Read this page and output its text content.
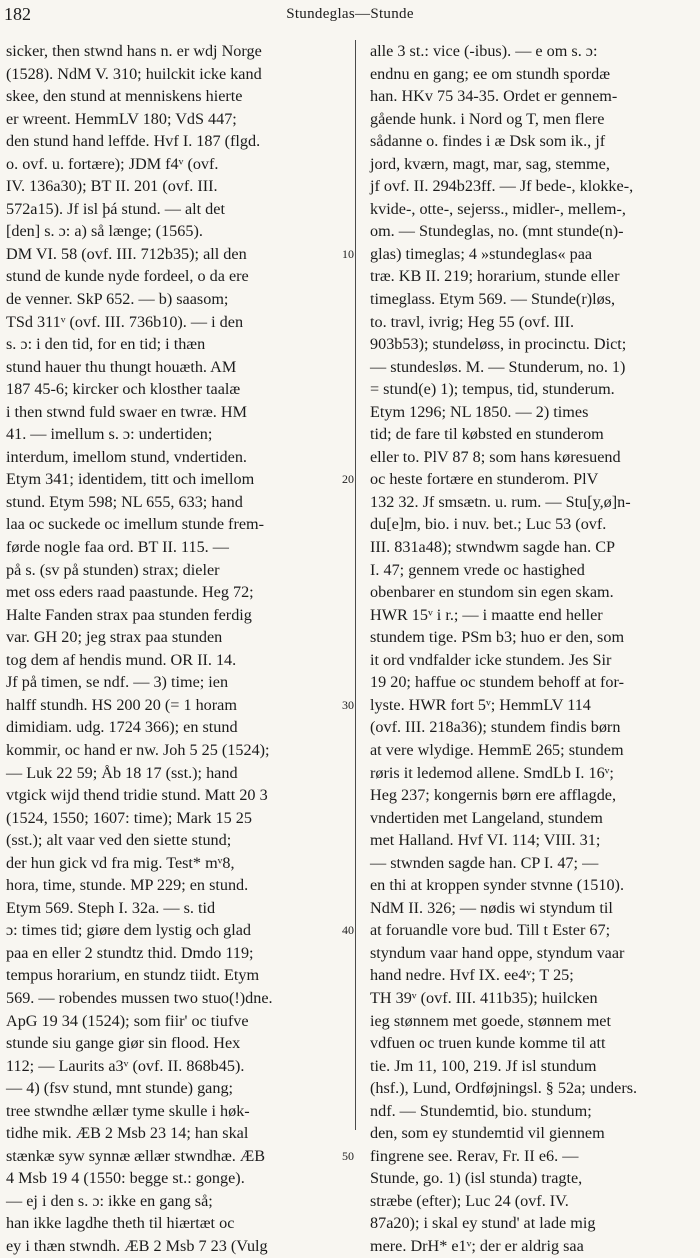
182	Stundeglas—Stunde
sicker, then stwnd hans n. er wdj Norge
(1528). NdM V. 310; huilckit icke kand
skee, den stund at menniskens hierte
er wreent. HemmLV 180; VdS 447;
den stund hand leffde. Hvf I. 187 (flgd.
o. ovf. u. fortære); JDM f4ᵛ (ovf.
IV. 136a30); BT II. 201 (ovf. III.
572a15). Jf isl þá stund. — alt det
[den] s. ɔ: a) så længe; (1565).
DM VI. 58 (ovf. III. 712b35); all den
stund de kunde nyde fordeel, o da ere
de venner. SkP 652. — b) saasom;
TSd 311ᵛ (ovf. III. 736b10). — i den
s. ɔ: i den tid, for en tid; i thæn
stund hauer thu thungt houæth. AM
187 45-6; kircker och klosther taalæ
i then stwnd fuld swaer en twræ. HM
41. — imellum s. ɔ: undertiden;
interdum, imellom stund, vndertiden.
Etym 341; identidem, titt och imellom
stund. Etym 598; NL 655, 633; hand
laa oc suckede oc imellum stunde frem-
førde nogle faa ord. BT II. 115. —
på s. (sv på stunden) strax; dieler
met oss eders raad paastunde. Heg 72;
Halte Fanden strax paa stunden ferdig
var. GH 20; jeg strax paa stunden
tog dem af hendis mund. OR II. 14.
Jf på timen, se ndf. — 3) time; ien
halff stundh. HS 200 20 (= 1 horam
dimidiam. udg. 1724 366); en stund
kommir, oc hand er nw. Joh 5 25 (1524);
— Luk 22 59; Åb 18 17 (sst.); hand
vtgick wijd thend tridie stund. Matt 20 3
(1524, 1550; 1607: time); Mark 15 25
(sst.); alt vaar ved den siette stund;
der hun gick vd fra mig. Test* mᵛ8,
hora, time, stunde. MP 229; en stund.
Etym 569. Steph I. 32a. — s. tid
ɔ: times tid; giøre dem lystig och glad
paa en eller 2 stundtz thid. Dmdo 119;
tempus horarium, en stundz tiidt. Etym
569. — robendes mussen two stuo(!)dne.
ApG 19 34 (1524); som fiir' oc tiufve
stunde siu gange giør sin flood. Hex
112; — Laurits a3ᵛ (ovf. II. 868b45).
— 4) (fsv stund, mnt stunde) gang;
tree stwndhe ællær tyme skulle i høk-
tidhe mik. ÆB 2 Msb 23 14; han skal
stænkæ syw synnæ ællær stwndhæ. ÆB
4 Msb 19 4 (1550: begge st.: gonge).
— ej i den s. ɔ: ikke en gang så;
han ikke lagdhe theth til hiærtæt oc
ey i thæn stwndh. ÆB 2 Msb 7 23 (Vulg
10
20
30
40
50
alle 3 st.: vice (-ibus). — e om s. ɔ:
endnu en gang; ee om stundh spordæ
han. HKv 75 34-35. Ordet er gennem-
gående hunk. i Nord og T, men flere
sådanne o. findes i æ Dsk som ik., jf
jord, kværn, magt, mar, sag, stemme,
jf ovf. II. 294b23ff. — Jf bede-, klokke-,
kvide-, otte-, sejerss., midler-, mellem-,
om. — Stundeglas, no. (mnt stunde(n)-
glas) timeglas; 4 »stundeglas« paa
træ. KB II. 219; horarium, stunde eller
timeglass. Etym 569. — Stunde(r)løs,
to. travl, ivrig; Heg 55 (ovf. III.
903b53); stundeløss, in procinctu. Dict;
— stundesløs. M. — Stunderum, no. 1)
= stund(e) 1); tempus, tid, stunderum.
Etym 1296; NL 1850. — 2) times
tid; de fare til købsted en stunderom
eller to. PlV 87 8; som hans køresuend
oc heste fortære en stunderom. PlV
132 32. Jf smsætn. u. rum. — Stu[y,ø]n-
du[e]m, bio. i nuv. bet.; Luc 53 (ovf.
III. 831a48); stwndwm sagde han. CP
I. 47; gennem vrede oc hastighed
obenbarer en stundom sin egen skam.
HWR 15ᵛ i r.; — i maatte end heller
stundem tige. PSm b3; huo er den, som
it ord vndfalder icke stundem. Jes Sir
19 20; haffue oc stundem behoff at for-
lyste. HWR fort 5ᵛ; HemmLV 114
(ovf. III. 218a36); stundem findis børn
at vere wlydige. HemmE 265; stundem
røris it ledemod allene. SmdLb I. 16ᵛ;
Heg 237; kongernis børn ere afflagde,
vndertiden met Langeland, stundem
met Halland. Hvf VI. 114; VIII. 31;
— stwnden sagde han. CP I. 47; —
en thi at kroppen synder stvnne (1510).
NdM II. 326; — nødis wi styndum til
at foruandle vore bud. Till t Ester 67;
styndum vaar hand oppe, styndum vaar
hand nedre. Hvf IX. ee4ᵛ; T 25;
TH 39ᵛ (ovf. III. 411b35); huilcken
ieg stønnem met goede, stønnem met
vdfuen oc truen kunde komme til att
tie. Jm 11, 100, 219. Jf isl stundum
(hsf.), Lund, Ordføjningsl. § 52a; unders.
ndf. — Stundemtid, bio. stundum;
den, som ey stundemtid vil giennem
fingrene see. Rerav, Fr. II e6. —
Stunde, go. 1) (isl stunda) tragte,
stræbe (efter); Luc 24 (ovf. IV.
87a20); i skal ey stund' at lade mig
mere. DrH* e1ᵛ; der er aldrig saa
